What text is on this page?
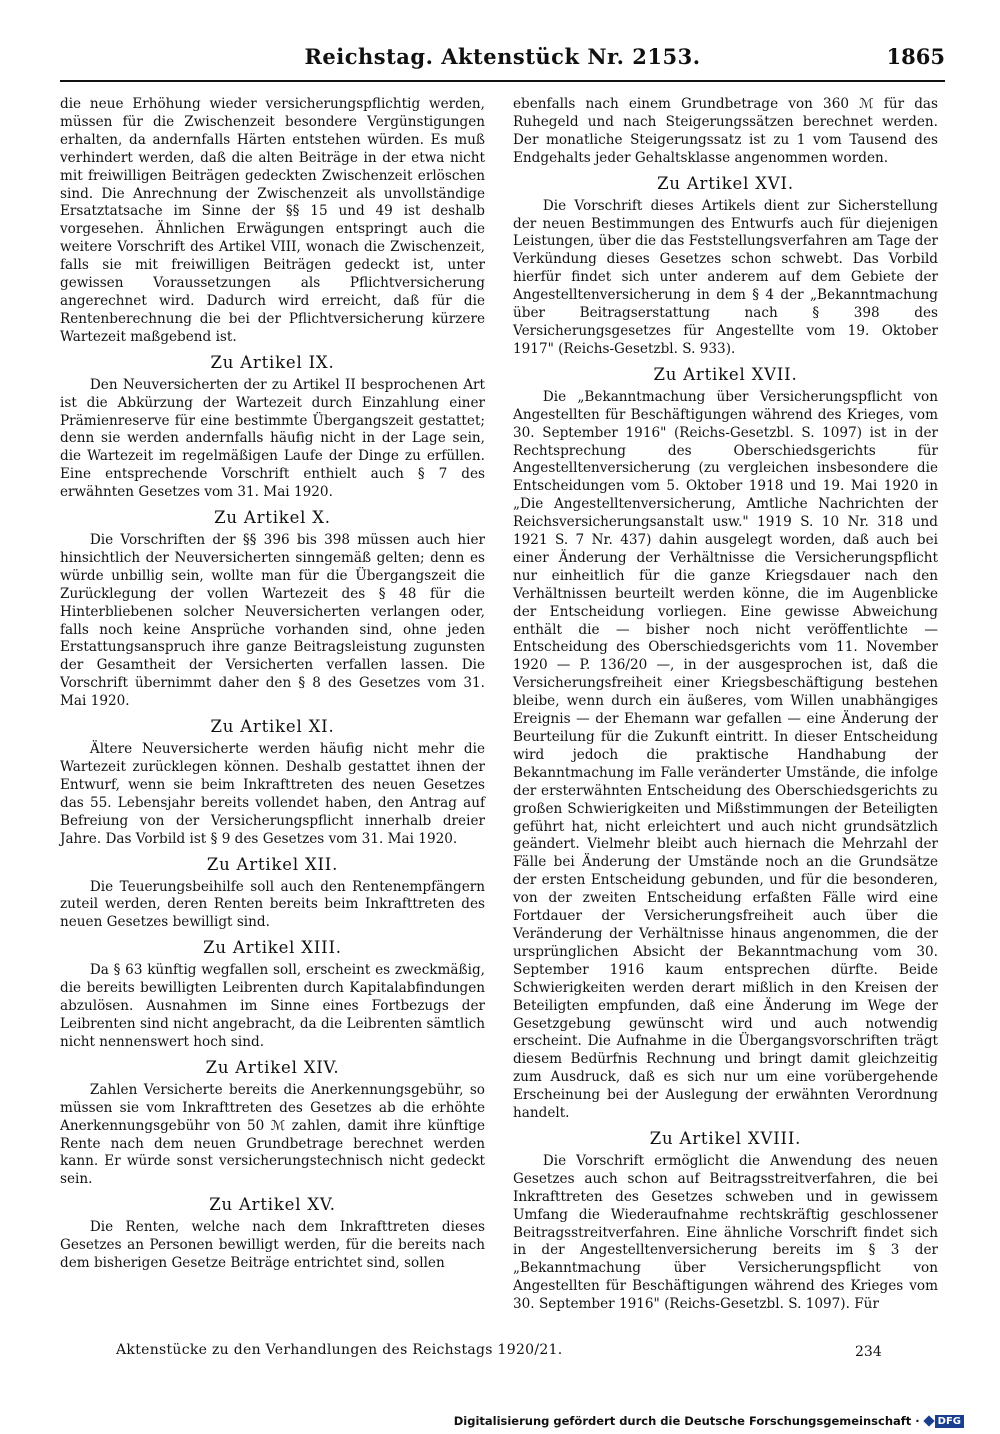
Reichstag. Aktenstück Nr. 2153.	1865

die neue Erhöhung wieder versicherungspflichtig werden, müssen für die Zwischenzeit besondere Vergünstigungen erhalten, da andernfalls Härten entstehen würden. Es muß verhindert werden, daß die alten Beiträge in der etwa nicht mit freiwilligen Beiträgen gedeckten Zwischenzeit erlöschen sind. Die Anrechnung der Zwischenzeit als unvollständige Ersatztatsache im Sinne der §§ 15 und 49 ist deshalb vorgesehen. Ähnlichen Erwägungen entspringt auch die weitere Vorschrift des Artikel VIII, wonach die Zwischenzeit, falls sie mit freiwilligen Beiträgen gedeckt ist, unter gewissen Voraussetzungen als Pflichtversicherung angerechnet wird. Dadurch wird erreicht, daß für die Rentenberechnung die bei der Pflichtversicherung kürzere Wartezeit maßgebend ist.

Zu Artikel IX.

Den Neuversicherten der zu Artikel II besprochenen Art ist die Abkürzung der Wartezeit durch Einzahlung einer Prämienreserve für eine bestimmte Übergangszeit gestattet; denn sie werden andernfalls häufig nicht in der Lage sein, die Wartezeit im regelmäßigen Laufe der Dinge zu erfüllen. Eine entsprechende Vorschrift enthielt auch § 7 des erwähnten Gesetzes vom 31. Mai 1920.

Zu Artikel X.

Die Vorschriften der §§ 396 bis 398 müssen auch hier hinsichtlich der Neuversicherten sinngemäß gelten; denn es würde unbillig sein, wollte man für die Übergangszeit die Zurücklegung der vollen Wartezeit des § 48 für die Hinterbliebenen solcher Neuversicherten verlangen oder, falls noch keine Ansprüche vorhanden sind, ohne jeden Erstattungsanspruch ihre ganze Beitragsleistung zugunsten der Gesamtheit der Versicherten verfallen lassen. Die Vorschrift übernimmt daher den § 8 des Gesetzes vom 31. Mai 1920.

Zu Artikel XI.

Ältere Neuversicherte werden häufig nicht mehr die Wartezeit zurücklegen können. Deshalb gestattet ihnen der Entwurf, wenn sie beim Inkrafttreten des neuen Gesetzes das 55. Lebensjahr bereits vollendet haben, den Antrag auf Befreiung von der Versicherungspflicht innerhalb dreier Jahre. Das Vorbild ist § 9 des Gesetzes vom 31. Mai 1920.

Zu Artikel XII.

Die Teuerungsbeihilfe soll auch den Rentenempfängern zuteil werden, deren Renten bereits beim Inkrafttreten des neuen Gesetzes bewilligt sind.

Zu Artikel XIII.

Da § 63 künftig wegfallen soll, erscheint es zweckmäßig, die bereits bewilligten Leibrenten durch Kapitalabfindungen abzulösen. Ausnahmen im Sinne eines Fortbezugs der Leibrenten sind nicht angebracht, da die Leibrenten sämtlich nicht nennenswert hoch sind.

Zu Artikel XIV.

Zahlen Versicherte bereits die Anerkennungsgebühr, so müssen sie vom Inkrafttreten des Gesetzes ab die erhöhte Anerkennungsgebühr von 50 ℳ zahlen, damit ihre künftige Rente nach dem neuen Grundbetrage berechnet werden kann. Er würde sonst versicherungstechnisch nicht gedeckt sein.

Zu Artikel XV.

Die Renten, welche nach dem Inkrafttreten dieses Gesetzes an Personen bewilligt werden, für die bereits nach dem bisherigen Gesetze Beiträge entrichtet sind, sollen

ebenfalls nach einem Grundbetrage von 360 ℳ für das Ruhegeld und nach Steigerungssätzen berechnet werden. Der monatliche Steigerungssatz ist zu 1 vom Tausend des Endgehalts jeder Gehaltsklasse angenommen worden.

Zu Artikel XVI.

Die Vorschrift dieses Artikels dient zur Sicherstellung der neuen Bestimmungen des Entwurfs auch für diejenigen Leistungen, über die das Feststellungsverfahren am Tage der Verkündung dieses Gesetzes schon schwebt. Das Vorbild hierfür findet sich unter anderem auf dem Gebiete der Angestelltenversicherung in dem § 4 der „Bekanntmachung über Beitragserstattung nach § 398 des Versicherungsgesetzes für Angestellte vom 19. Oktober 1917" (Reichs-Gesetzbl. S. 933).

Zu Artikel XVII.

Die „Bekanntmachung über Versicherungspflicht von Angestellten für Beschäftigungen während des Krieges, vom 30. September 1916" (Reichs-Gesetzbl. S. 1097) ist in der Rechtsprechung des Oberschiedsgerichts für Angestelltenversicherung (zu vergleichen insbesondere die Entscheidungen vom 5. Oktober 1918 und 19. Mai 1920 in „Die Angestelltenversicherung, Amtliche Nachrichten der Reichsversicherungsanstalt usw." 1919 S. 10 Nr. 318 und 1921 S. 7 Nr. 437) dahin ausgelegt worden, daß auch bei einer Änderung der Verhältnisse die Versicherungspflicht nur einheitlich für die ganze Kriegsdauer nach den Verhältnissen beurteilt werden könne, die im Augenblicke der Entscheidung vorliegen. Eine gewisse Abweichung enthält die — bisher noch nicht veröffentlichte — Entscheidung des Oberschiedsgerichts vom 11. November 1920 — P. 136/20 —, in der ausgesprochen ist, daß die Versicherungsfreiheit einer Kriegsbeschäftigung bestehen bleibe, wenn durch ein äußeres, vom Willen unabhängiges Ereignis — der Ehemann war gefallen — eine Änderung der Beurteilung für die Zukunft eintritt. In dieser Entscheidung wird jedoch die praktische Handhabung der Bekanntmachung im Falle veränderter Umstände, die infolge der ersterwähnten Entscheidung des Oberschiedsgerichts zu großen Schwierigkeiten und Mißstimmungen der Beteiligten geführt hat, nicht erleichtert und auch nicht grundsätzlich geändert. Vielmehr bleibt auch hiernach die Mehrzahl der Fälle bei Änderung der Umstände noch an die Grundsätze der ersten Entscheidung gebunden, und für die besonderen, von der zweiten Entscheidung erfaßten Fälle wird eine Fortdauer der Versicherungsfreiheit auch über die Veränderung der Verhältnisse hinaus angenommen, die der ursprünglichen Absicht der Bekanntmachung vom 30. September 1916 kaum entsprechen dürfte. Beide Schwierigkeiten werden derart mißlich in den Kreisen der Beteiligten empfunden, daß eine Änderung im Wege der Gesetzgebung gewünscht wird und auch notwendig erscheint. Die Aufnahme in die Übergangsvorschriften trägt diesem Bedürfnis Rechnung und bringt damit gleichzeitig zum Ausdruck, daß es sich nur um eine vorübergehende Erscheinung bei der Auslegung der erwähnten Verordnung handelt.

Zu Artikel XVIII.

Die Vorschrift ermöglicht die Anwendung des neuen Gesetzes auch schon auf Beitragsstreitverfahren, die bei Inkrafttreten des Gesetzes schweben und in gewissem Umfang die Wiederaufnahme rechtskräftig geschlossener Beitragsstreitverfahren. Eine ähnliche Vorschrift findet sich in der Angestelltenversicherung bereits im § 3 der „Bekanntmachung über Versicherungspflicht von Angestellten für Beschäftigungen während des Krieges vom 30. September 1916" (Reichs-Gesetzbl. S. 1097). Für

Aktenstücke zu den Verhandlungen des Reichstags 1920/21.	234
Digitalisierung gefördert durch die Deutsche Forschungsgemeinschaft ·	DFG
